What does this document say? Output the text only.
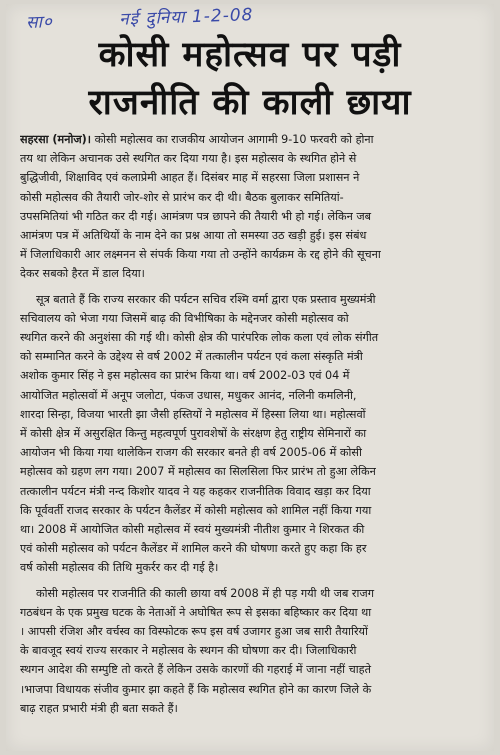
सा०	नई दुनिया 1-2-08
कोसी महोत्सव पर पड़ी
राजनीति की काली छाया

सहरसा (मनोज)। कोसी महोत्सव का राजकीय आयोजन आगामी 9-10 फरवरी को होना
तय था लेकिन अचानक उसे स्थगित कर दिया गया है। इस महोत्सव के स्थगित होने से
बुद्धिजीवी, शिक्षाविद एवं कलाप्रेमी आहत हैं। दिसंबर माह में सहरसा जिला प्रशासन ने
कोसी महोत्सव की तैयारी जोर-शोर से प्रारंभ कर दी थी। बैठक बुलाकर समितियां-
उपसमितियां भी गठित कर दी गई। आमंत्रण पत्र छापने की तैयारी भी हो गई। लेकिन जब
आमंत्रण पत्र में अतिथियों के नाम देने का प्रश्न आया तो समस्या उठ खड़ी हुई। इस संबंध
में जिलाधिकारी आर लक्ष्मनन से संपर्क किया गया तो उन्होंने कार्यक्रम के रद्द होने की सूचना
देकर सबको हैरत में डाल दिया।

सूत्र बताते हैं कि राज्य सरकार की पर्यटन सचिव रश्मि वर्मा द्वारा एक प्रस्ताव मुख्यमंत्री
सचिवालय को भेजा गया जिसमें बाढ़ की विभीषिका के मद्देनजर कोसी महोत्सव को
स्थगित करने की अनुशंसा की गई थी। कोसी क्षेत्र की पारंपरिक लोक कला एवं लोक संगीत
को सम्मानित करने के उद्देश्य से वर्ष 2002 में तत्कालीन पर्यटन एवं कला संस्कृति मंत्री
अशोक कुमार सिंह ने इस महोत्सव का प्रारंभ किया था। वर्ष 2002-03 एवं 04 में
आयोजित महोत्सवों में अनूप जलोटा, पंकज उधास, मधुकर आनंद, नलिनी कमलिनी,
शारदा सिन्हा, विजया भारती झा जैसी हस्तियों ने महोत्सव में हिस्सा लिया था। महोत्सवों
में कोसी क्षेत्र में असुरक्षित किन्तु महत्वपूर्ण पुरावशेषों के संरक्षण हेतु राष्ट्रीय सेमिनारों का
आयोजन भी किया गया थालेकिन राजग की सरकार बनते ही वर्ष 2005-06 में कोसी
महोत्सव को ग्रहण लग गया। 2007 में महोत्सव का सिलसिला फिर प्रारंभ तो हुआ लेकिन
तत्कालीन पर्यटन मंत्री नन्द किशोर यादव ने यह कहकर राजनीतिक विवाद खड़ा कर दिया
कि पूर्ववर्ती राजद सरकार के पर्यटन कैलेंडर में कोसी महोत्सव को शामिल नहीं किया गया
था। 2008 में आयोजित कोसी महोत्सव में स्वयं मुख्यमंत्री नीतीश कुमार ने शिरकत की
एवं कोसी महोत्सव को पर्यटन कैलेंडर में शामिल करने की घोषणा करते हुए कहा कि हर
वर्ष कोसी महोत्सव की तिथि मुकर्रर कर दी गई है।

कोसी महोत्सव पर राजनीति की काली छाया वर्ष 2008 में ही पड़ गयी थी जब राजग
गठबंधन के एक प्रमुख घटक के नेताओं ने अघोषित रूप से इसका बहिष्कार कर दिया था
। आपसी रंजिश और वर्चस्व का विस्फोटक रूप इस वर्ष उजागर हुआ जब सारी तैयारियों
के बावजूद स्वयं राज्य सरकार ने महोत्सव के स्थगन की घोषणा कर दी। जिलाधिकारी
स्थगन आदेश की सम्पुष्टि तो करते हैं लेकिन उसके कारणों की गहराई में जाना नहीं चाहते
।भाजपा विधायक संजीव कुमार झा कहते हैं कि महोत्सव स्थगित होने का कारण जिले के
बाढ़ राहत प्रभारी मंत्री ही बता सकते हैं।
